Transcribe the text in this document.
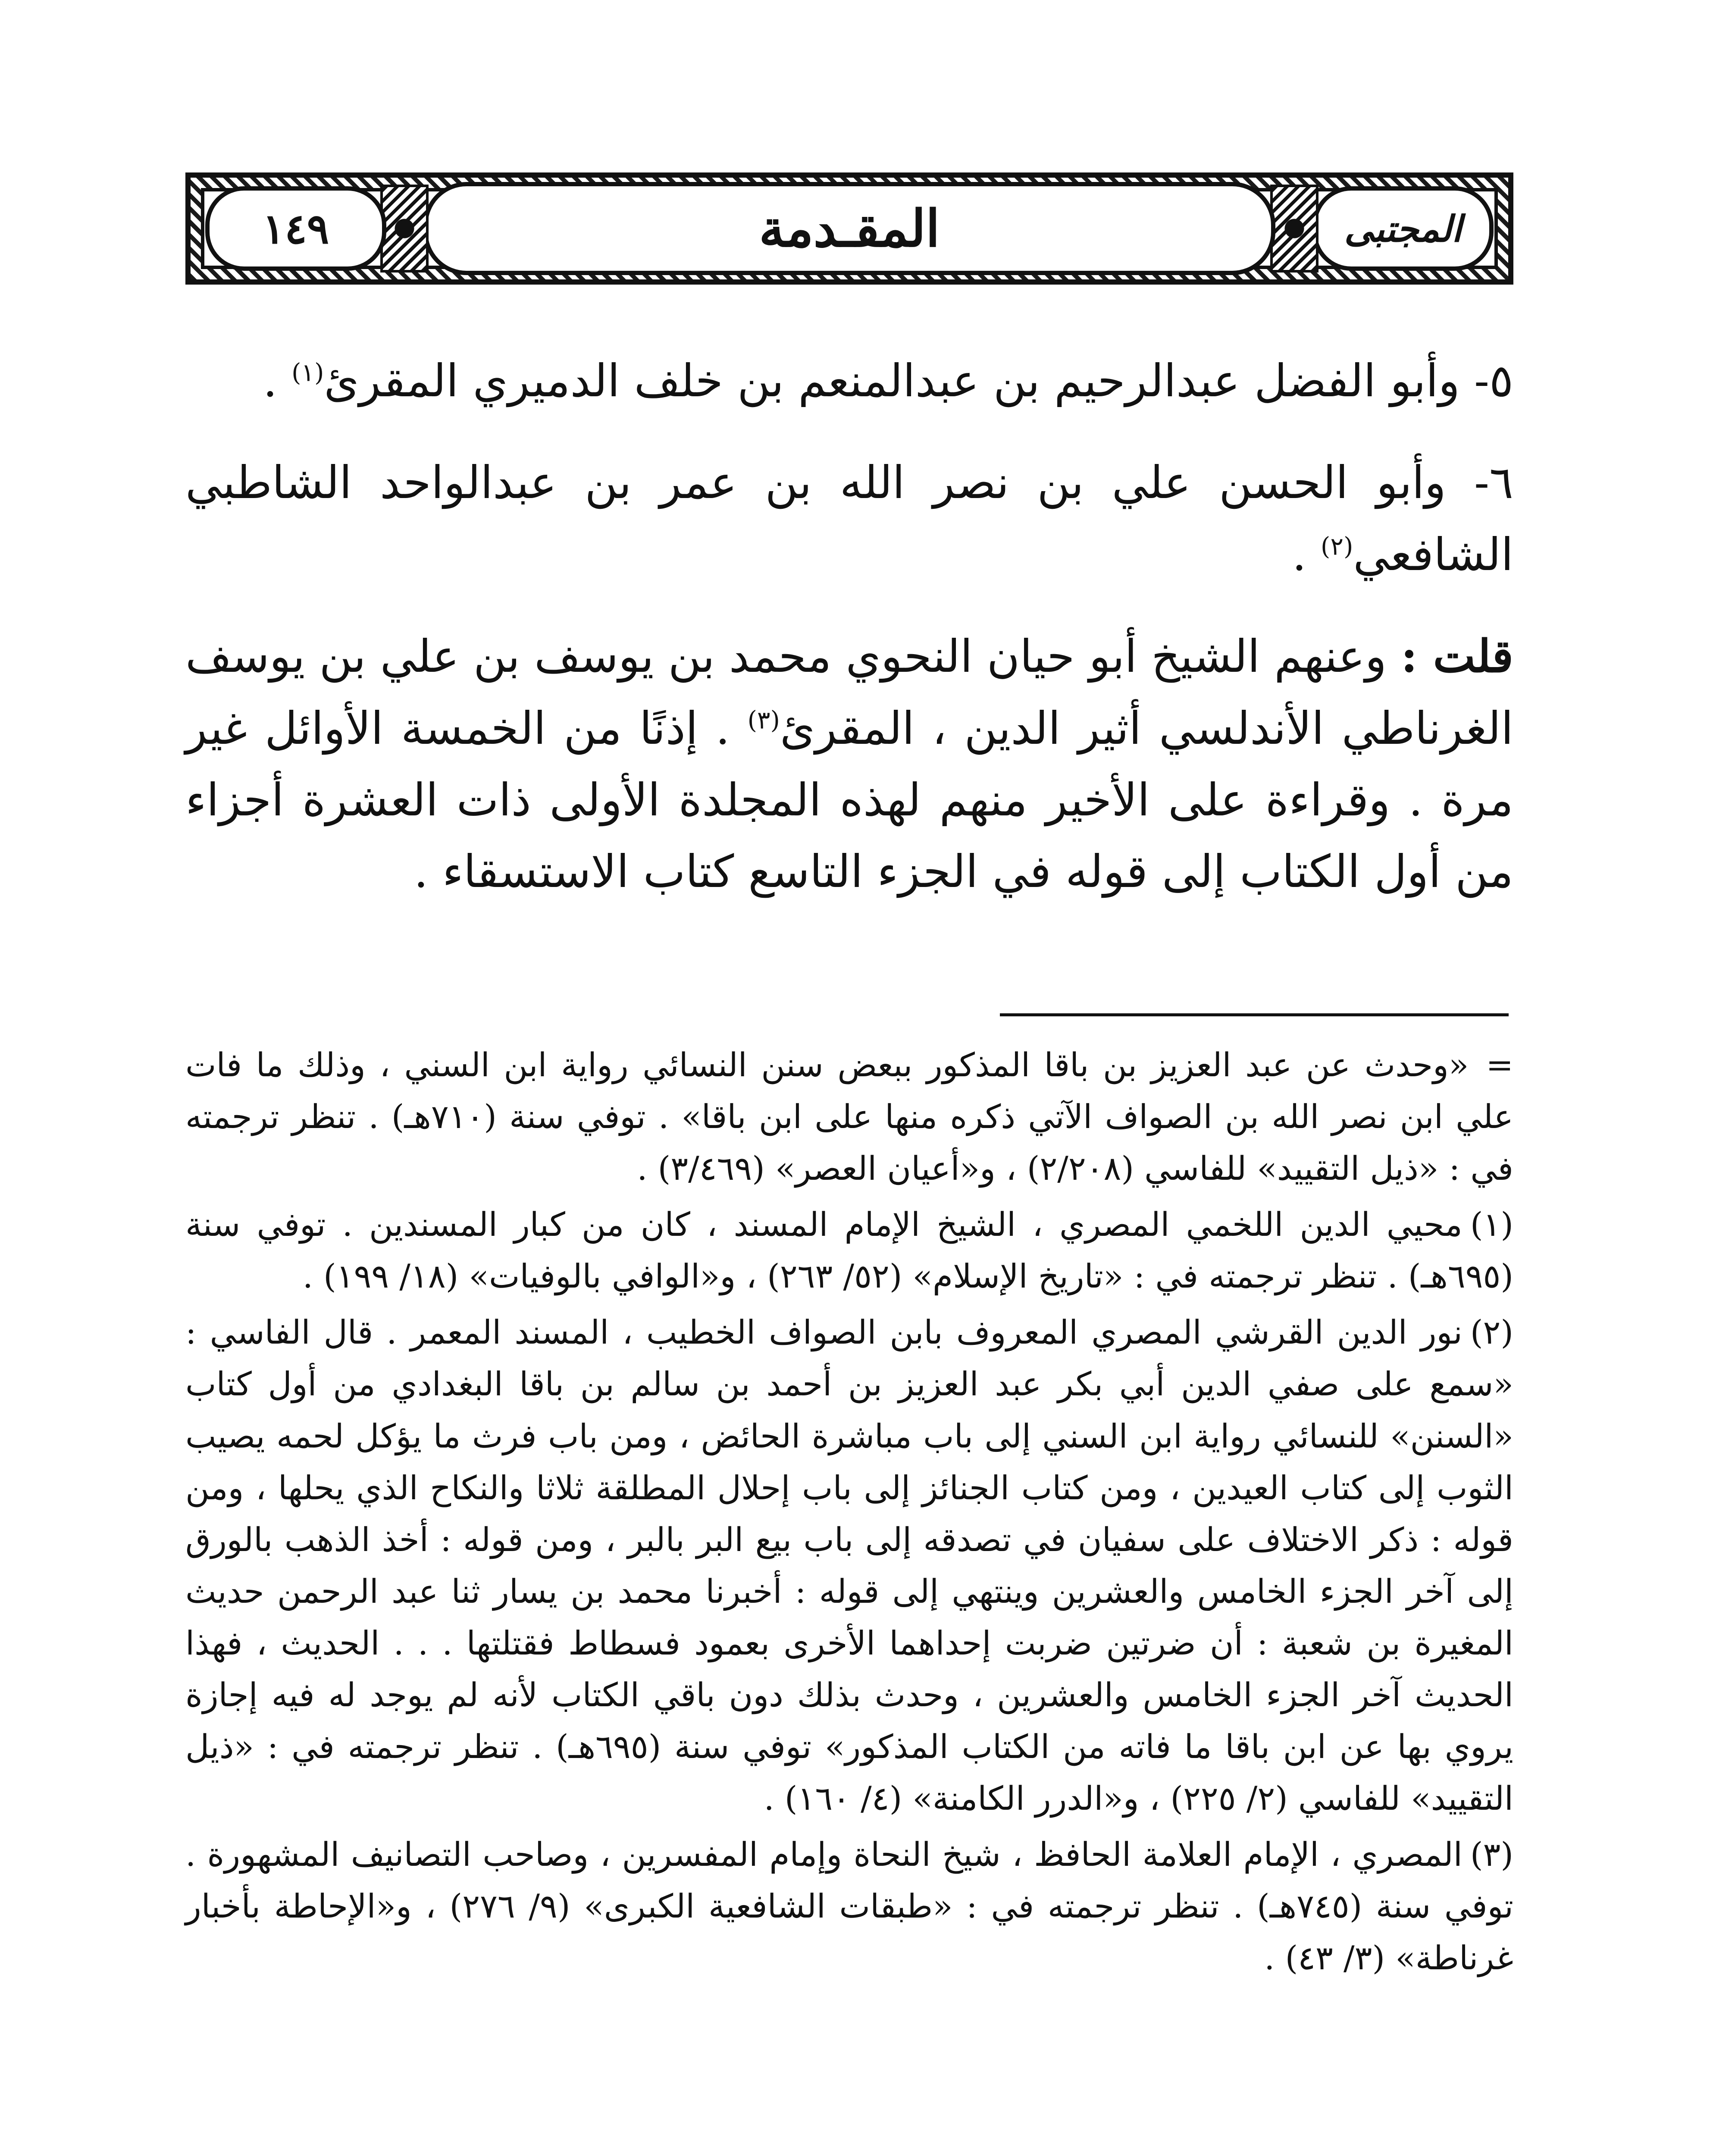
المجتبى
المقـدمة
١٤٩

٥- وأبو الفضل عبدالرحيم بن عبدالمنعم بن خلف الدميري المقرئ$^{(١)}$ .

٦- وأبو الحسن علي بن نصر الله بن عمر بن عبدالواحد الشاطبي الشافعي$^{(٢)}$ .

قلت : وعنهم الشيخ أبو حيان النحوي محمد بن يوسف بن علي بن يوسف الغرناطي الأندلسي أثير الدين ، المقرئ$^{(٣)}$ . إذنًا من الخمسة الأوائل غير مرة . وقراءة على الأخير منهم لهذه المجلدة الأولى ذات العشرة أجزاء من أول الكتاب إلى قوله في الجزء التاسع كتاب الاستسقاء .

=«وحدث عن عبد العزيز بن باقا المذكور ببعض سنن النسائي رواية ابن السني ، وذلك ما فات علي ابن نصر الله بن الصواف الآتي ذكره منها على ابن باقا» . توفي سنة (٧١٠هـ) . تنظر ترجمته في : «ذيل التقييد» للفاسي (٢/٢٠٨) ، و«أعيان العصر» (٣/٤٦٩) .

(١)محيي الدين اللخمي المصري ، الشيخ الإمام المسند ، كان من كبار المسندين . توفي سنة (٦٩٥هـ) . تنظر ترجمته في : «تاريخ الإسلام» (٥٢/ ٢٦٣) ، و«الوافي بالوفيات» (١٨/ ١٩٩) .

(٢)نور الدين القرشي المصري المعروف بابن الصواف الخطيب ، المسند المعمر . قال الفاسي : «سمع على صفي الدين أبي بكر عبد العزيز بن أحمد بن سالم بن باقا البغدادي من أول كتاب «السنن» للنسائي رواية ابن السني إلى باب مباشرة الحائض ، ومن باب فرث ما يؤكل لحمه يصيب الثوب إلى كتاب العيدين ، ومن كتاب الجنائز إلى باب إحلال المطلقة ثلاثا والنكاح الذي يحلها ، ومن قوله : ذكر الاختلاف على سفيان في تصدقه إلى باب بيع البر بالبر ، ومن قوله : أخذ الذهب بالورق إلى آخر الجزء الخامس والعشرين وينتهي إلى قوله : أخبرنا محمد بن يسار ثنا عبد الرحمن حديث المغيرة بن شعبة : أن ضرتين ضربت إحداهما الأخرى بعمود فسطاط فقتلتها . . . الحديث ، فهذا الحديث آخر الجزء الخامس والعشرين ، وحدث بذلك دون باقي الكتاب لأنه لم يوجد له فيه إجازة يروي بها عن ابن باقا ما فاته من الكتاب المذكور» توفي سنة (٦٩٥هـ) . تنظر ترجمته في : «ذيل التقييد» للفاسي (٢/ ٢٢٥) ، و«الدرر الكامنة» (٤/ ١٦٠) .

(٣)المصري ، الإمام العلامة الحافظ ، شيخ النحاة وإمام المفسرين ، وصاحب التصانيف المشهورة . توفي سنة (٧٤٥هـ) . تنظر ترجمته في : «طبقات الشافعية الكبرى» (٩/ ٢٧٦) ، و«الإحاطة بأخبار غرناطة» (٣/ ٤٣) .
